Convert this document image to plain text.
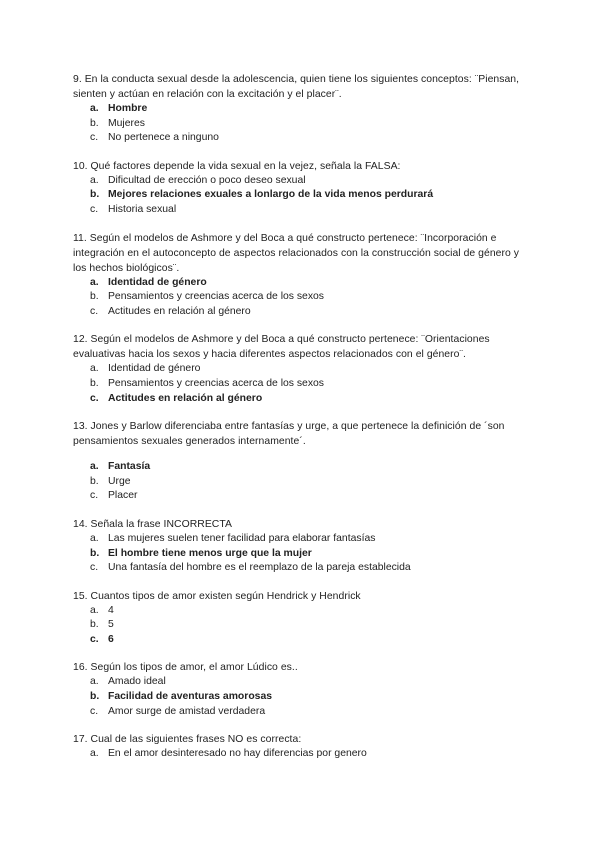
9. En la conducta sexual desde la adolescencia, quien tiene los siguientes conceptos: ¨Piensan, sienten y actúan en relación con la excitación y el placer¨.
a. Hombre
b. Mujeres
c. No pertenece a ninguno
10. Qué factores depende la vida sexual en la vejez, señala la FALSA:
a. Dificultad de erección o poco deseo sexual
b. Mejores relaciones exuales a lonlargo de la vida menos perdurará
c. Historia sexual
11. Según el modelos de Ashmore y del Boca a qué constructo pertenece: ¨Incorporación e integración en el autoconcepto de aspectos relacionados con la construcción social de género y los hechos biológicos¨.
a. Identidad de género
b. Pensamientos y creencias acerca de los sexos
c. Actitudes en relación al género
12. Según el modelos de Ashmore y del Boca a qué constructo pertenece: ¨Orientaciones evaluativas hacia los sexos y hacia diferentes aspectos relacionados con el género¨.
a. Identidad de género
b. Pensamientos y creencias acerca de los sexos
c. Actitudes en relación al género
13. Jones y Barlow diferenciaba entre fantasías y urge, a que pertenece la definición de ´son pensamientos sexuales generados internamente´.
a. Fantasía
b. Urge
c. Placer
14. Señala la frase INCORRECTA
a. Las mujeres suelen tener facilidad para elaborar fantasías
b. El hombre tiene menos urge que la mujer
c. Una fantasía del hombre es el reemplazo de la pareja establecida
15. Cuantos tipos de amor existen según Hendrick y Hendrick
a. 4
b. 5
c. 6
16. Según los tipos de amor, el amor Lúdico es..
a. Amado ideal
b. Facilidad de aventuras amorosas
c. Amor surge de amistad verdadera
17. Cual de las siguientes frases NO es correcta:
a. En el amor desinteresado no hay diferencias por genero
